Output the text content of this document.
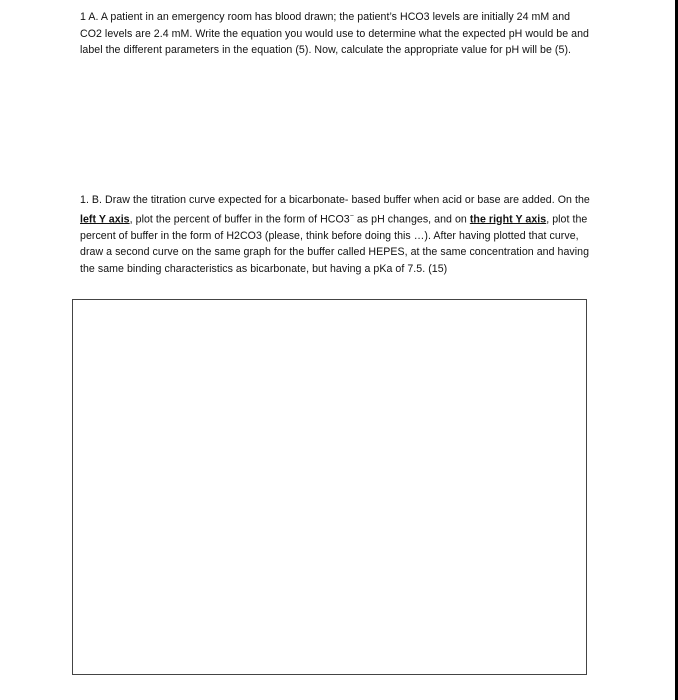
1 A. A patient in an emergency room has blood drawn; the patient’s HCO3 levels are initially 24 mM and CO2 levels are 2.4 mM. Write the equation you would use to determine what the expected pH would be and label the different parameters in the equation (5). Now, calculate the appropriate value for pH will be (5).

1. B. Draw the titration curve expected for a bicarbonate- based buffer when acid or base are added. On the left Y axis, plot the percent of buffer in the form of HCO3− as pH changes, and on the right Y axis, plot the percent of buffer in the form of H2CO3 (please, think before doing this …). After having plotted that curve, draw a second curve on the same graph for the buffer called HEPES, at the same concentration and having the same binding characteristics as bicarbonate, but having a pKa of 7.5. (15)
